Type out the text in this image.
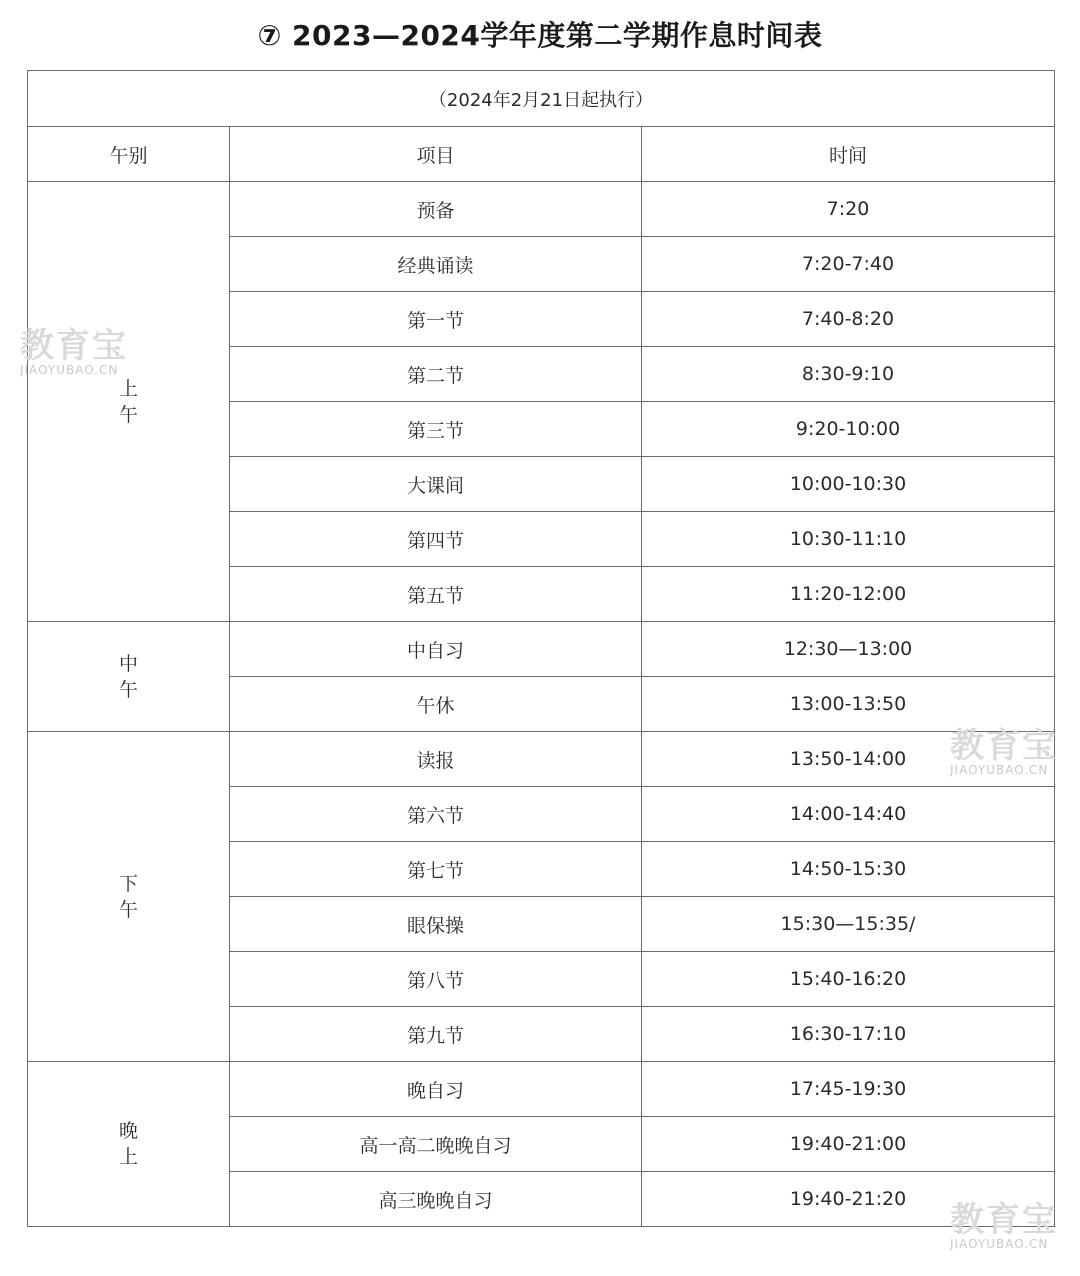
⑦ 2023—2024学年度第二学期作息时间表
（2024年2月21日起执行）		
午别	项目	时间

上
午	预备	7:20
	经典诵读	7:20-7:40
	第一节	7:40-8:20
	第二节	8:30-9:10
	第三节	9:20-10:00
	大课间	10:00-10:30
	第四节	10:30-11:10
	第五节	11:20-12:00

中
午	中自习	12:30—13:00
	午休	13:00-13:50

下
午	读报	13:50-14:00
	第六节	14:00-14:40
	第七节	14:50-15:30
	眼保操	15:30—15:35/
	第八节	15:40-16:20
	第九节	16:30-17:10

晚
上	晚自习	17:45-19:30
	高一高二晚晚自习	19:40-21:00
	高三晚晚自习	19:40-21:20
教育宝
JIAOYUBAO.CN
教育宝
JIAOYUBAO.CN
教育宝
JIAOYUBAO.CN
